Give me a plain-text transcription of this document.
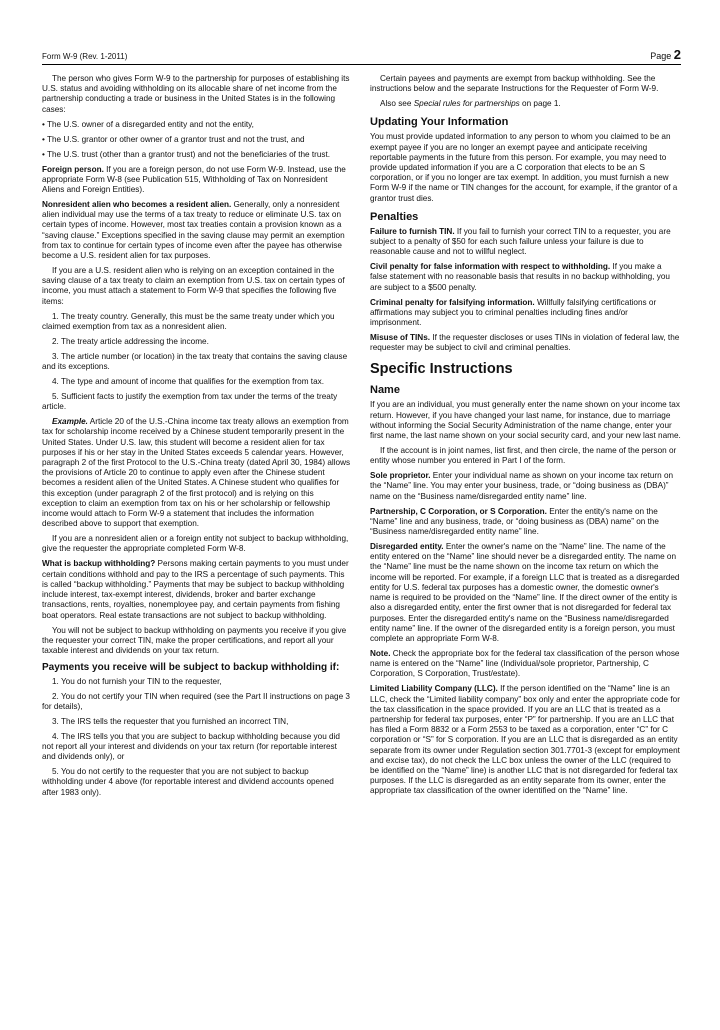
Form W-9 (Rev. 1-2011)	Page 2

The person who gives Form W-9 to the partnership for purposes of establishing its U.S. status and avoiding withholding on its allocable share of net income from the partnership conducting a trade or business in the United States is in the following cases:

• The U.S. owner of a disregarded entity and not the entity,

• The U.S. grantor or other owner of a grantor trust and not the trust, and

• The U.S. trust (other than a grantor trust) and not the beneficiaries of the trust.

Foreign person. If you are a foreign person, do not use Form W-9. Instead, use the appropriate Form W-8 (see Publication 515, Withholding of Tax on Nonresident Aliens and Foreign Entities).

Nonresident alien who becomes a resident alien. Generally, only a nonresident alien individual may use the terms of a tax treaty to reduce or eliminate U.S. tax on certain types of income. However, most tax treaties contain a provision known as a “saving clause.” Exceptions specified in the saving clause may permit an exemption from tax to continue for certain types of income even after the payee has otherwise become a U.S. resident alien for tax purposes.

If you are a U.S. resident alien who is relying on an exception contained in the saving clause of a tax treaty to claim an exemption from U.S. tax on certain types of income, you must attach a statement to Form W-9 that specifies the following five items:

1. The treaty country. Generally, this must be the same treaty under which you claimed exemption from tax as a nonresident alien.

2. The treaty article addressing the income.

3. The article number (or location) in the tax treaty that contains the saving clause and its exceptions.

4. The type and amount of income that qualifies for the exemption from tax.

5. Sufficient facts to justify the exemption from tax under the terms of the treaty article.

Example. Article 20 of the U.S.-China income tax treaty allows an exemption from tax for scholarship income received by a Chinese student temporarily present in the United States. Under U.S. law, this student will become a resident alien for tax purposes if his or her stay in the United States exceeds 5 calendar years. However, paragraph 2 of the first Protocol to the U.S.-China treaty (dated April 30, 1984) allows the provisions of Article 20 to continue to apply even after the Chinese student becomes a resident alien of the United States. A Chinese student who qualifies for this exception (under paragraph 2 of the first protocol) and is relying on this exception to claim an exemption from tax on his or her scholarship or fellowship income would attach to Form W-9 a statement that includes the information described above to support that exemption.

If you are a nonresident alien or a foreign entity not subject to backup withholding, give the requester the appropriate completed Form W-8.

What is backup withholding? Persons making certain payments to you must under certain conditions withhold and pay to the IRS a percentage of such payments. This is called “backup withholding.” Payments that may be subject to backup withholding include interest, tax-exempt interest, dividends, broker and barter exchange transactions, rents, royalties, nonemployee pay, and certain payments from fishing boat operators. Real estate transactions are not subject to backup withholding.

You will not be subject to backup withholding on payments you receive if you give the requester your correct TIN, make the proper certifications, and report all your taxable interest and dividends on your tax return.

Payments you receive will be subject to backup withholding if:

1. You do not furnish your TIN to the requester,

2. You do not certify your TIN when required (see the Part II instructions on page 3 for details),

3. The IRS tells the requester that you furnished an incorrect TIN,

4. The IRS tells you that you are subject to backup withholding because you did not report all your interest and dividends on your tax return (for reportable interest and dividends only), or

5. You do not certify to the requester that you are not subject to backup withholding under 4 above (for reportable interest and dividend accounts opened after 1983 only).

Certain payees and payments are exempt from backup withholding. See the instructions below and the separate Instructions for the Requester of Form W-9.

Also see Special rules for partnerships on page 1.

Updating Your Information

You must provide updated information to any person to whom you claimed to be an exempt payee if you are no longer an exempt payee and anticipate receiving reportable payments in the future from this person. For example, you may need to provide updated information if you are a C corporation that elects to be an S corporation, or if you no longer are tax exempt. In addition, you must furnish a new Form W-9 if the name or TIN changes for the account, for example, if the grantor of a grantor trust dies.

Penalties

Failure to furnish TIN. If you fail to furnish your correct TIN to a requester, you are subject to a penalty of $50 for each such failure unless your failure is due to reasonable cause and not to willful neglect.

Civil penalty for false information with respect to withholding. If you make a false statement with no reasonable basis that results in no backup withholding, you are subject to a $500 penalty.

Criminal penalty for falsifying information. Willfully falsifying certifications or affirmations may subject you to criminal penalties including fines and/or imprisonment.

Misuse of TINs. If the requester discloses or uses TINs in violation of federal law, the requester may be subject to civil and criminal penalties.

Specific Instructions
Name

If you are an individual, you must generally enter the name shown on your income tax return. However, if you have changed your last name, for instance, due to marriage without informing the Social Security Administration of the name change, enter your first name, the last name shown on your social security card, and your new last name.

If the account is in joint names, list first, and then circle, the name of the person or entity whose number you entered in Part I of the form.

Sole proprietor. Enter your individual name as shown on your income tax return on the “Name” line. You may enter your business, trade, or “doing business as (DBA)” name on the “Business name/disregarded entity name” line.

Partnership, C Corporation, or S Corporation. Enter the entity's name on the “Name” line and any business, trade, or “doing business as (DBA) name” on the “Business name/disregarded entity name” line.

Disregarded entity. Enter the owner's name on the “Name” line. The name of the entity entered on the “Name” line should never be a disregarded entity. The name on the “Name” line must be the name shown on the income tax return on which the income will be reported. For example, if a foreign LLC that is treated as a disregarded entity for U.S. federal tax purposes has a domestic owner, the domestic owner's name is required to be provided on the “Name” line. If the direct owner of the entity is also a disregarded entity, enter the first owner that is not disregarded for federal tax purposes. Enter the disregarded entity's name on the “Business name/disregarded entity name” line. If the owner of the disregarded entity is a foreign person, you must complete an appropriate Form W-8.

Note. Check the appropriate box for the federal tax classification of the person whose name is entered on the “Name” line (Individual/sole proprietor, Partnership, C Corporation, S Corporation, Trust/estate).

Limited Liability Company (LLC). If the person identified on the “Name” line is an LLC, check the “Limited liability company” box only and enter the appropriate code for the tax classification in the space provided. If you are an LLC that is treated as a partnership for federal tax purposes, enter “P” for partnership. If you are an LLC that has filed a Form 8832 or a Form 2553 to be taxed as a corporation, enter “C” for C corporation or “S” for S corporation. If you are an LLC that is disregarded as an entity separate from its owner under Regulation section 301.7701-3 (except for employment and excise tax), do not check the LLC box unless the owner of the LLC (required to be identified on the “Name” line) is another LLC that is not disregarded for federal tax purposes. If the LLC is disregarded as an entity separate from its owner, enter the appropriate tax classification of the owner identified on the “Name” line.
